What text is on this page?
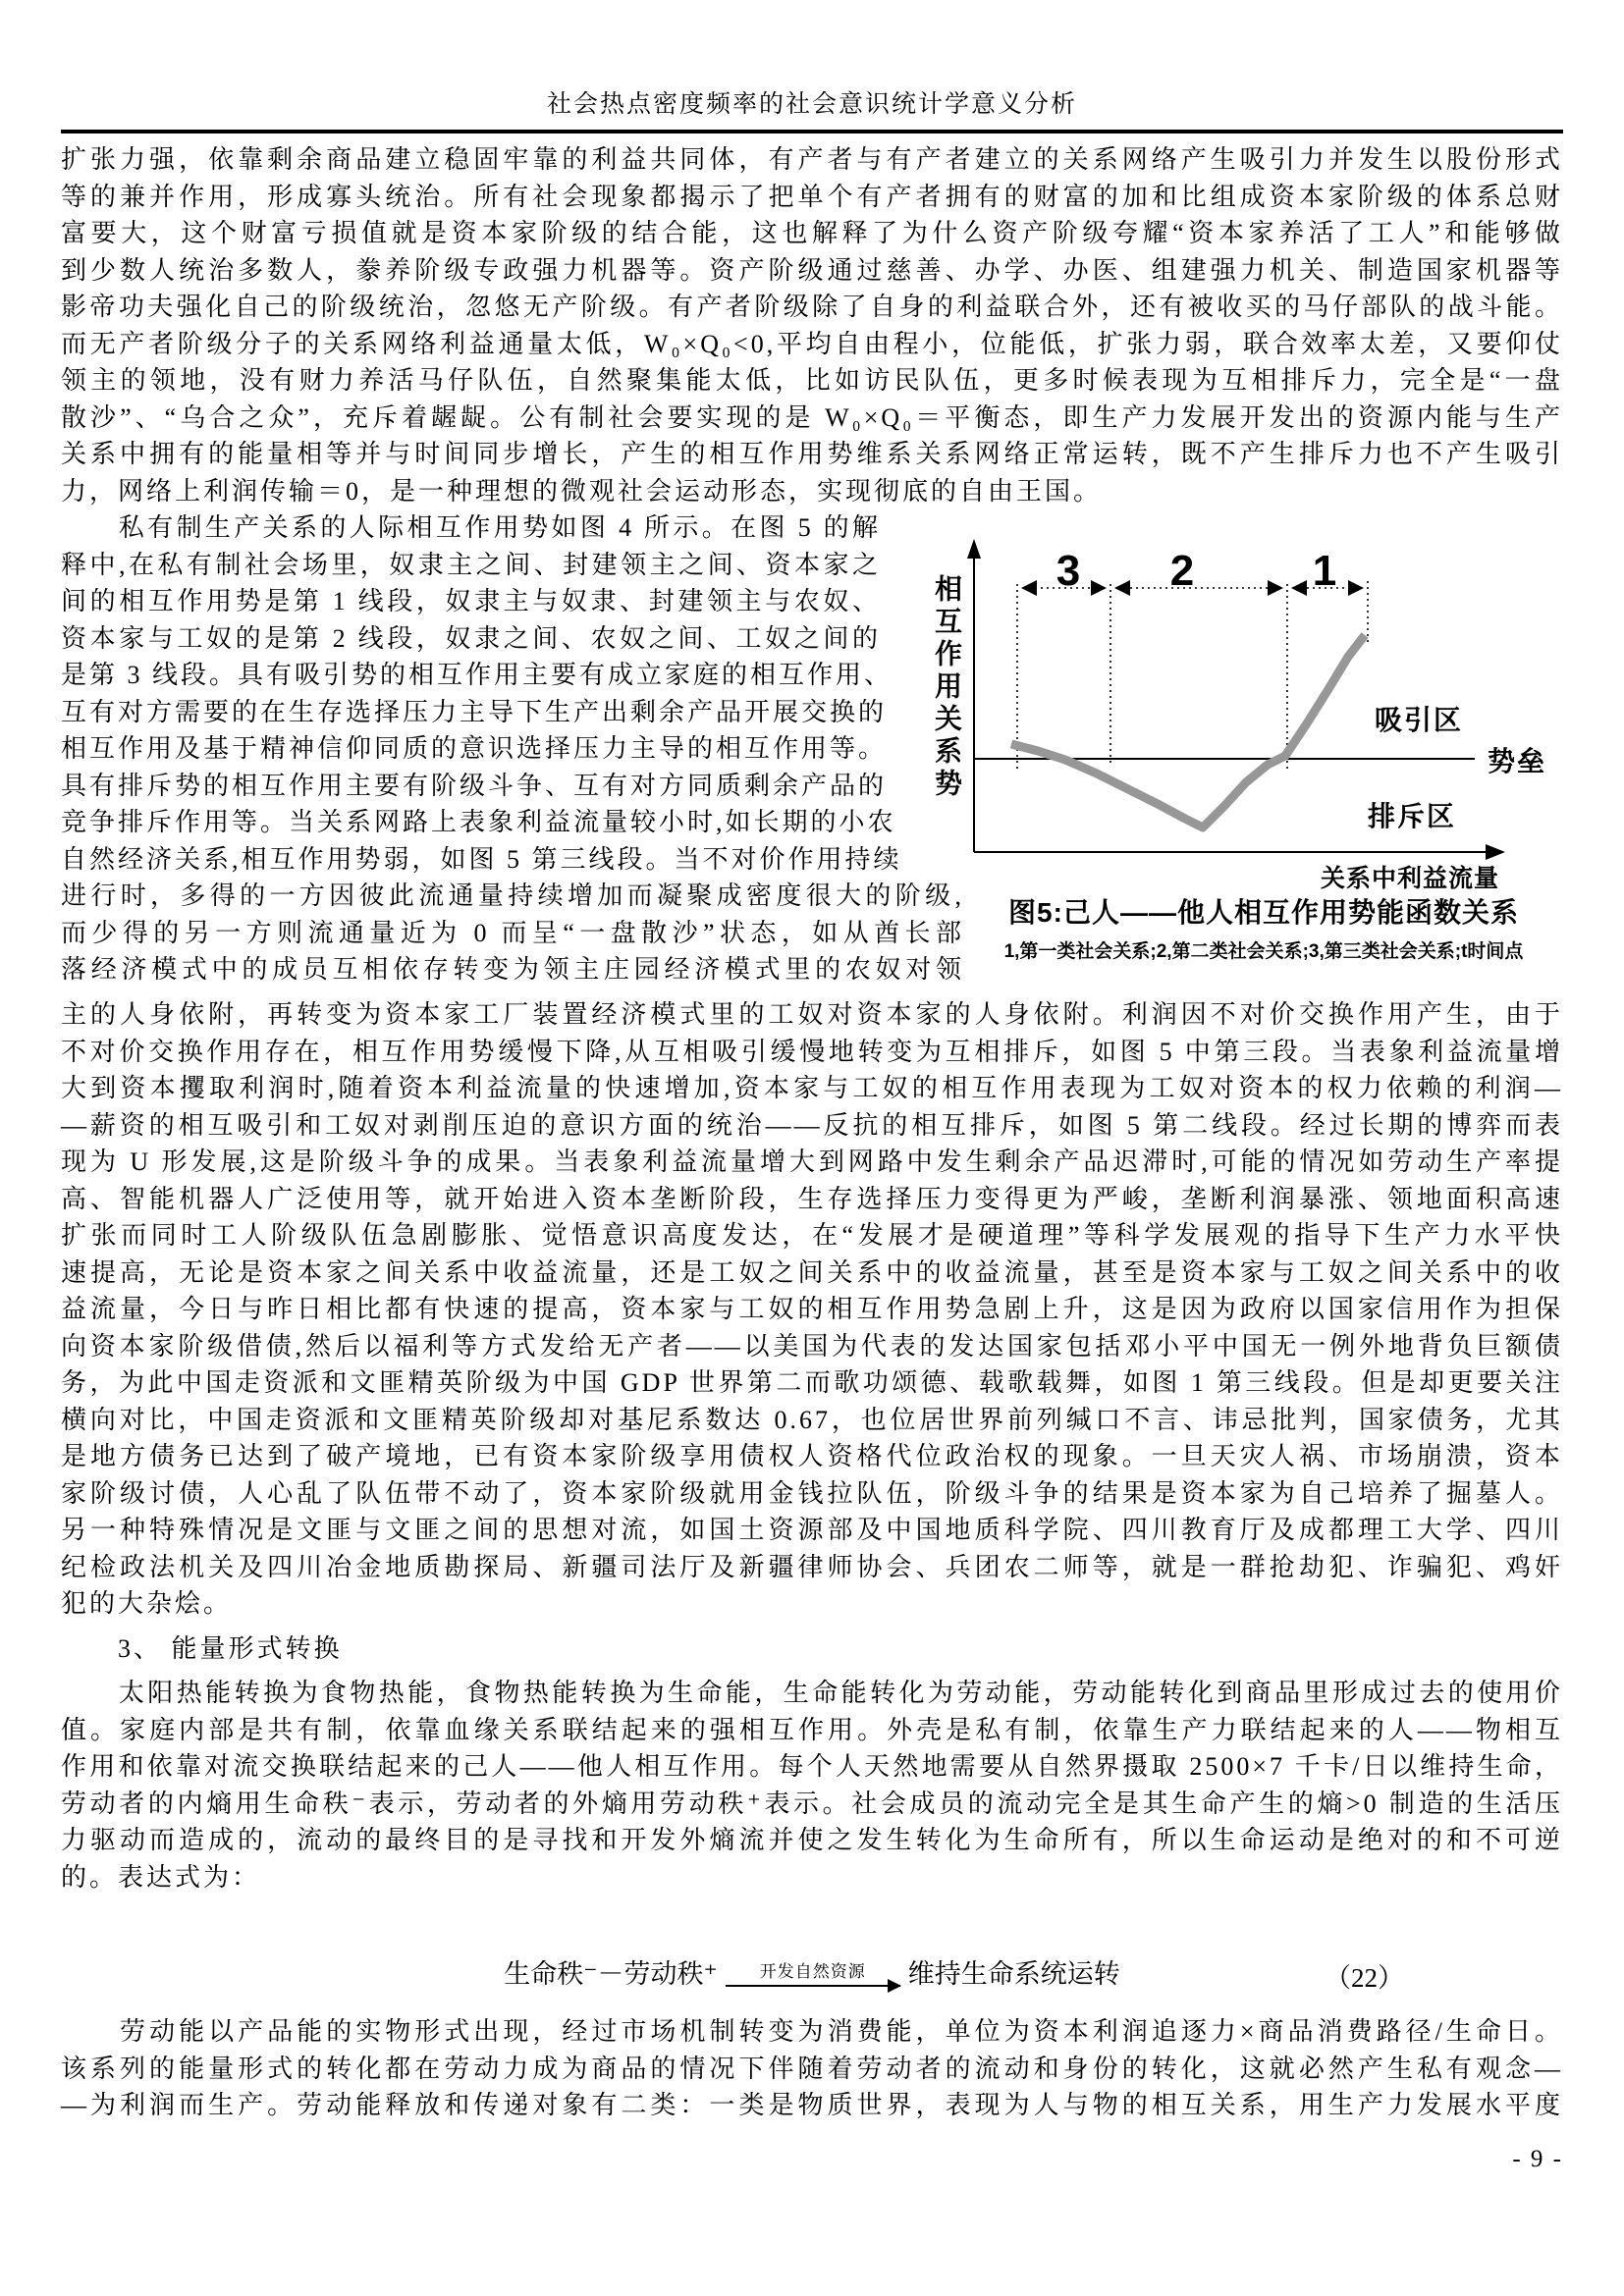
社会热点密度频率的社会意识统计学意义分析
扩张力强，依靠剩余商品建立稳固牢靠的利益共同体，有产者与有产者建立的关系网络产生吸引力并发生以股份形式
等的兼并作用，形成寡头统治。所有社会现象都揭示了把单个有产者拥有的财富的加和比组成资本家阶级的体系总财
富要大，这个财富亏损值就是资本家阶级的结合能，这也解释了为什么资产阶级夸耀“资本家养活了工人”和能够做
到少数人统治多数人，豢养阶级专政强力机器等。资产阶级通过慈善、办学、办医、组建强力机关、制造国家机器等
影帝功夫强化自己的阶级统治，忽悠无产阶级。有产者阶级除了自身的利益联合外，还有被收买的马仔部队的战斗能。
而无产者阶级分子的关系网络利益通量太低，W₀×Q₀<0,平均自由程小，位能低，扩张力弱，联合效率太差，又要仰仗
领主的领地，没有财力养活马仔队伍，自然聚集能太低，比如访民队伍，更多时候表现为互相排斥力，完全是“一盘
散沙”、“乌合之众”，充斥着龌龊。公有制社会要实现的是 W₀×Q₀＝平衡态，即生产力发展开发出的资源内能与生产
关系中拥有的能量相等并与时间同步增长，产生的相互作用势维系关系网络正常运转，既不产生排斥力也不产生吸引
力，网络上利润传输＝0，是一种理想的微观社会运动形态，实现彻底的自由王国。
　　私有制生产关系的人际相互作用势如图 4 所示。在图 5 的解
释中,在私有制社会场里，奴隶主之间、封建领主之间、资本家之
间的相互作用势是第 1 线段，奴隶主与奴隶、封建领主与农奴、
资本家与工奴的是第 2 线段，奴隶之间、农奴之间、工奴之间的
是第 3 线段。具有吸引势的相互作用主要有成立家庭的相互作用、
互有对方需要的在生存选择压力主导下生产出剩余产品开展交换的
相互作用及基于精神信仰同质的意识选择压力主导的相互作用等。
具有排斥势的相互作用主要有阶级斗争、互有对方同质剩余产品的
竞争排斥作用等。当关系网路上表象利益流量较小时,如长期的小农
自然经济关系,相互作用势弱，如图 5 第三线段。当不对价作用持续
进行时，多得的一方因彼此流通量持续增加而凝聚成密度很大的阶级,
而少得的另一方则流通量近为 0 而呈“一盘散沙”状态，如从酋长部
落经济模式中的成员互相依存转变为领主庄园经济模式里的农奴对领
相互作用关系势
3 2	1
吸引区
势垒
排斥区
关系中利益流量
图5:己人——他人相互作用势能函数关系
1,第一类社会关系;2,第二类社会关系;3,第三类社会关系;t时间点
主的人身依附，再转变为资本家工厂装置经济模式里的工奴对资本家的人身依附。利润因不对价交换作用产生，由于
不对价交换作用存在，相互作用势缓慢下降,从互相吸引缓慢地转变为互相排斥，如图 5 中第三段。当表象利益流量增
大到资本攫取利润时,随着资本利益流量的快速增加,资本家与工奴的相互作用表现为工奴对资本的权力依赖的利润—
—薪资的相互吸引和工奴对剥削压迫的意识方面的统治——反抗的相互排斥，如图 5 第二线段。经过长期的博弈而表
现为 U 形发展,这是阶级斗争的成果。当表象利益流量增大到网路中发生剩余产品迟滞时,可能的情况如劳动生产率提
高、智能机器人广泛使用等，就开始进入资本垄断阶段，生存选择压力变得更为严峻，垄断利润暴涨、领地面积高速
扩张而同时工人阶级队伍急剧膨胀、觉悟意识高度发达，在“发展才是硬道理”等科学发展观的指导下生产力水平快
速提高，无论是资本家之间关系中收益流量，还是工奴之间关系中的收益流量，甚至是资本家与工奴之间关系中的收
益流量，今日与昨日相比都有快速的提高，资本家与工奴的相互作用势急剧上升，这是因为政府以国家信用作为担保
向资本家阶级借债,然后以福利等方式发给无产者——以美国为代表的发达国家包括邓小平中国无一例外地背负巨额债
务，为此中国走资派和文匪精英阶级为中国 GDP 世界第二而歌功颂德、载歌载舞，如图 1 第三线段。但是却更要关注
横向对比，中国走资派和文匪精英阶级却对基尼系数达 0.67，也位居世界前列缄口不言、讳忌批判，国家债务，尤其
是地方债务已达到了破产境地，已有资本家阶级享用债权人资格代位政治权的现象。一旦天灾人祸、市场崩溃，资本
家阶级讨债，人心乱了队伍带不动了，资本家阶级就用金钱拉队伍，阶级斗争的结果是资本家为自己培养了掘墓人。
另一种特殊情况是文匪与文匪之间的思想对流，如国土资源部及中国地质科学院、四川教育厅及成都理工大学、四川
纪检政法机关及四川冶金地质勘探局、新疆司法厅及新疆律师协会、兵团农二师等，就是一群抢劫犯、诈骗犯、鸡奸
犯的大杂烩。
　　3、 能量形式转换
　　太阳热能转换为食物热能，食物热能转换为生命能，生命能转化为劳动能，劳动能转化到商品里形成过去的使用价
值。家庭内部是共有制，依靠血缘关系联结起来的强相互作用。外壳是私有制，依靠生产力联结起来的人——物相互
作用和依靠对流交换联结起来的己人——他人相互作用。每个人天然地需要从自然界摄取 2500×7 千卡/日以维持生命，
劳动者的内熵用生命秩⁻表示，劳动者的外熵用劳动秩⁺表示。社会成员的流动完全是其生命产生的熵>0 制造的生活压
力驱动而造成的，流动的最终目的是寻找和开发外熵流并使之发生转化为生命所有，所以生命运动是绝对的和不可逆
的。表达式为：
生命秩⁻－劳动秩⁺	开发自然资源 维持生命系统运转	（22）
　　劳动能以产品能的实物形式出现，经过市场机制转变为消费能，单位为资本利润追逐力×商品消费路径/生命日。
该系列的能量形式的转化都在劳动力成为商品的情况下伴随着劳动者的流动和身份的转化，这就必然产生私有观念—
—为利润而生产。劳动能释放和传递对象有二类：一类是物质世界，表现为人与物的相互关系，用生产力发展水平度
- 9 -
